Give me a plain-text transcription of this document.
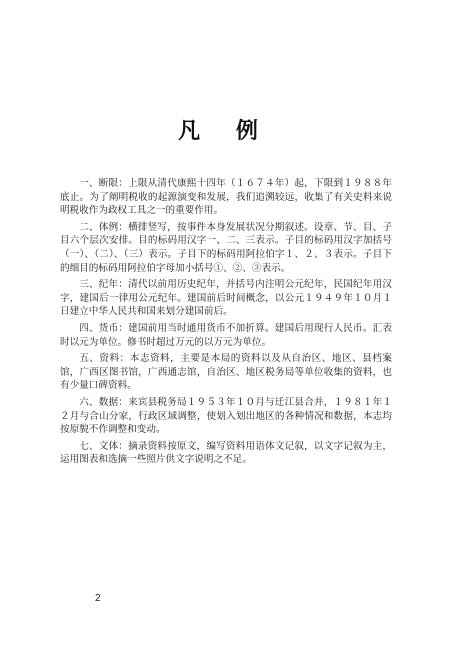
凡 例

一、断限：上限从清代康熙十四年（１６７４年）起，下限到１９８８年底止。为了阐明税收的起源演变和发展，我们追溯较远，收集了有关史料来说明税收作为政权工具之一的重要作用。

二、体例：横排竖写，按事件本身发展状况分期叙述。设章、节、目、子目六个层次安排。目的标码用汉字一、二、三表示。子目的标码用汉字加括号（一）、（二）、（三）表示。子目下的标码用阿拉伯字１、２、３表示。子目下的细目的标码用阿拉伯字母加小括号①、②、③表示。

三、纪年：清代以前用历史纪年，并括号内注明公元纪年，民国纪年用汉字，建国后一律用公元纪年。建国前后时间概念，以公元１９４９年１０月１日建立中华人民共和国来划分建国前后。

四、货币：建国前用当时通用货币不加折算。建国后用现行人民币。汇表时以元为单位。修书时超过万元的以万元为单位。

五、资料：本志资料，主要是本局的资料以及从自治区、地区、县档案馆，广西区图书馆，广西通志馆，自治区、地区税务局等单位收集的资料，也有少量口碑资料。

六、数据：来宾县税务局１９５３年１０月与迁江县合并，１９８１年１２月与合山分家，行政区域调整，使划入划出地区的各种情况和数据，本志均按原貌不作调整和变动。

七、文体：摘录资料按原文，编写资料用语体文记叙，以文字记叙为主，运用图表和选摘一些照片供文字说明之不足。

2
